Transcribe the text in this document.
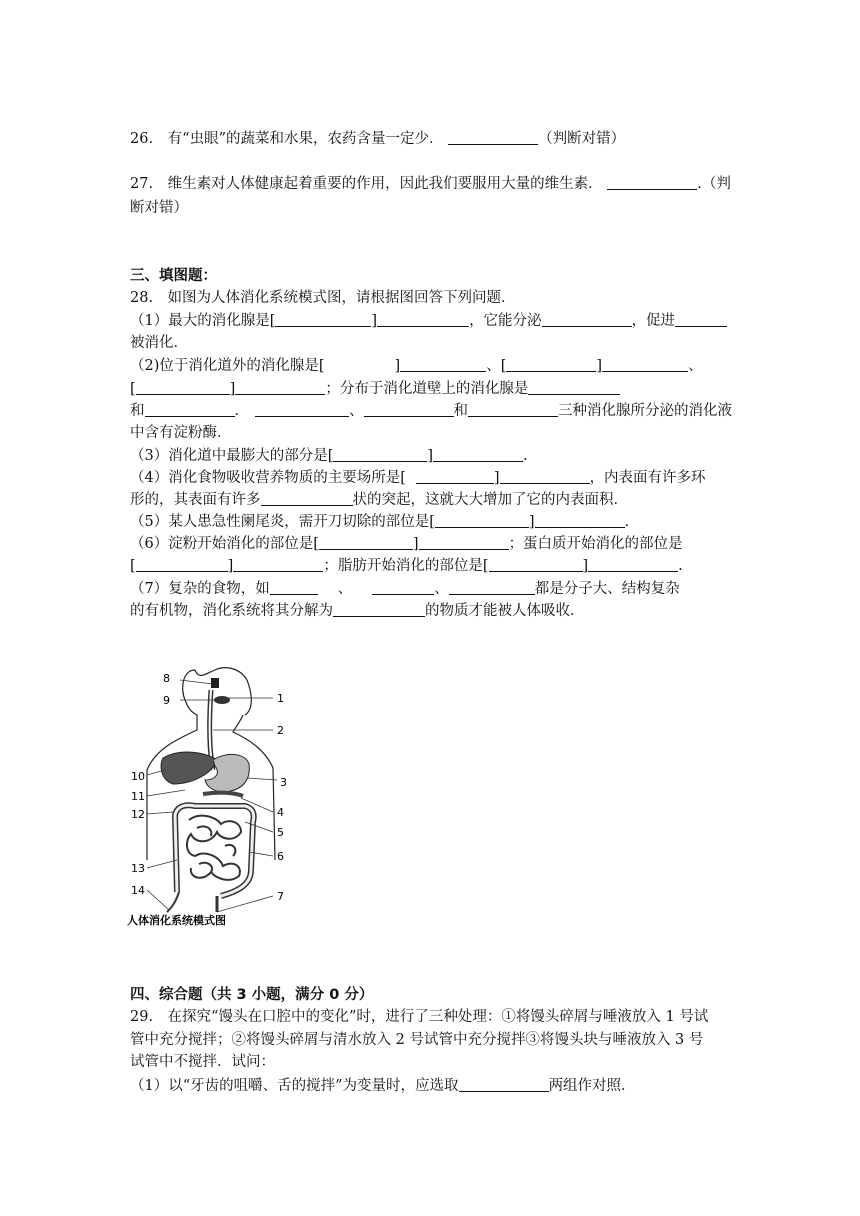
26. 有“虫眼”的蔬菜和水果，农药含量一定少．	（判断对错）
27. 维生素对人体健康起着重要的作用，因此我们要服用大量的维生素．	.（判
断对错）
三、填图题：
28.　如图为人体消化系统模式图，请根据图回答下列问题．
（1）最大的消化腺是[	]	，它能分泌	，促进
被消化．
（2)位于消化道外的消化腺是[	]	、[	]	、
[	]	；分布于消化道壁上的消化腺是
和	．	、	和	三种消化腺所分泌的消化液
中含有淀粉酶．
（3）消化道中最膨大的部分是[	]	.
（4）消化食物吸收营养物质的主要场所是[	]	，内表面有许多环
形的，其表面有许多	状的突起，这就大大增加了它的内表面积．
（5）某人患急性阑尾炎，需开刀切除的部位是[	]	．
（6）淀粉开始消化的部位是[	]	；蛋白质开始消化的部位是
[	]	；脂肪开始消化的部位是[	]	.
（7）复杂的食物，如	、	、	都是分子大、结构复杂
的有机物，消化系统将其分解为	的物质才能被人体吸收．
8
9
10
11
12
13
14
1
2
3
4
5
6
7
人体消化系统模式图
四、综合题（共 3 小题，满分 0 分）
29.　在探究“馒头在口腔中的变化”时，进行了三种处理：①将馒头碎屑与唾液放入 1 号试
管中充分搅拌；②将馒头碎屑与清水放入 2 号试管中充分搅拌③将馒头块与唾液放入 3 号
试管中不搅拌．试问：
（1）以“牙齿的咀嚼、舌的搅拌”为变量时，应选取	两组作对照．
